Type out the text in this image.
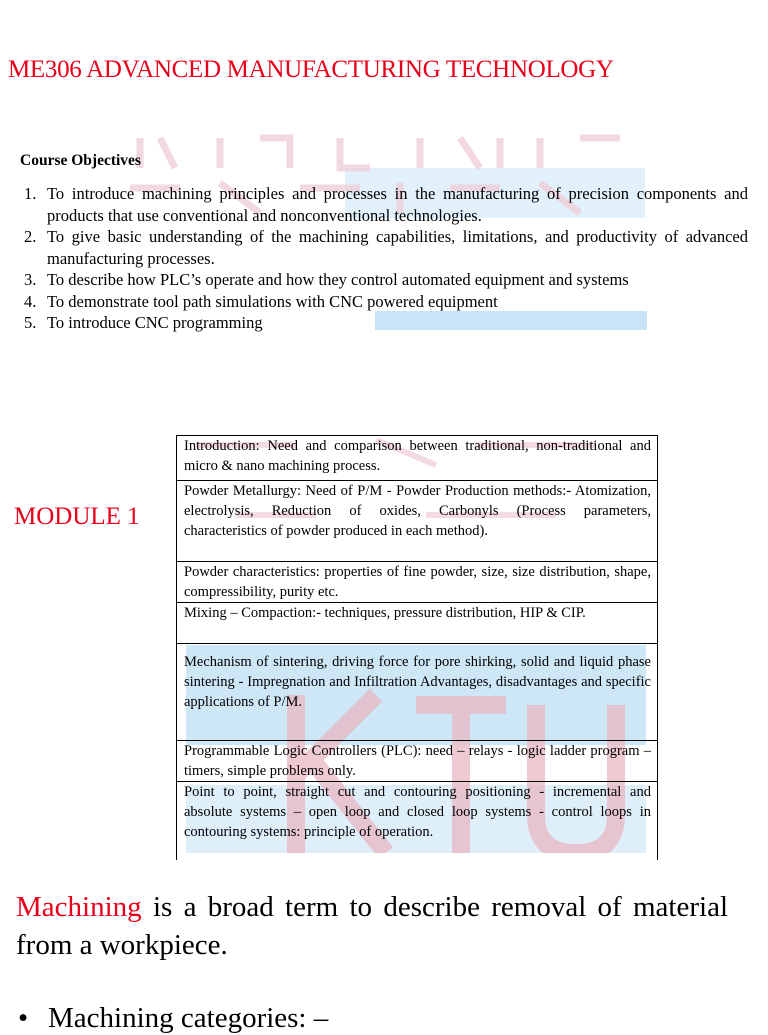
ME306 ADVANCED MANUFACTURING TECHNOLOGY
Course Objectives
1. To introduce machining principles and processes in the manufacturing of precision components and products that use conventional and nonconventional technologies.
2. To give basic understanding of the machining capabilities, limitations, and productivity of advanced manufacturing processes.
3. To describe how PLC’s operate and how they control automated equipment and systems
4. To demonstrate tool path simulations with CNC powered equipment
5. To introduce CNC programming
MODULE 1
Introduction: Need and comparison between traditional, non-traditional and micro & nano machining process.
Powder Metallurgy: Need of P/M - Powder Production methods:- Atomization, electrolysis, Reduction of oxides, Carbonyls (Process parameters, characteristics of powder produced in each method).
Powder characteristics: properties of fine powder, size, size distribution, shape, compressibility, purity etc.
Mixing – Compaction:- techniques, pressure distribution, HIP & CIP.
Mechanism of sintering, driving force for pore shirking, solid and liquid phase sintering - Impregnation and Infiltration Advantages, disadvantages and specific applications of P/M.
Programmable Logic Controllers (PLC): need – relays - logic ladder program –timers, simple problems only.
Point to point, straight cut and contouring positioning - incremental and absolute systems – open loop and closed loop systems - control loops in contouring systems: principle of operation.
Machining is a broad term to describe removal of material from a workpiece.
• Machining categories: –
